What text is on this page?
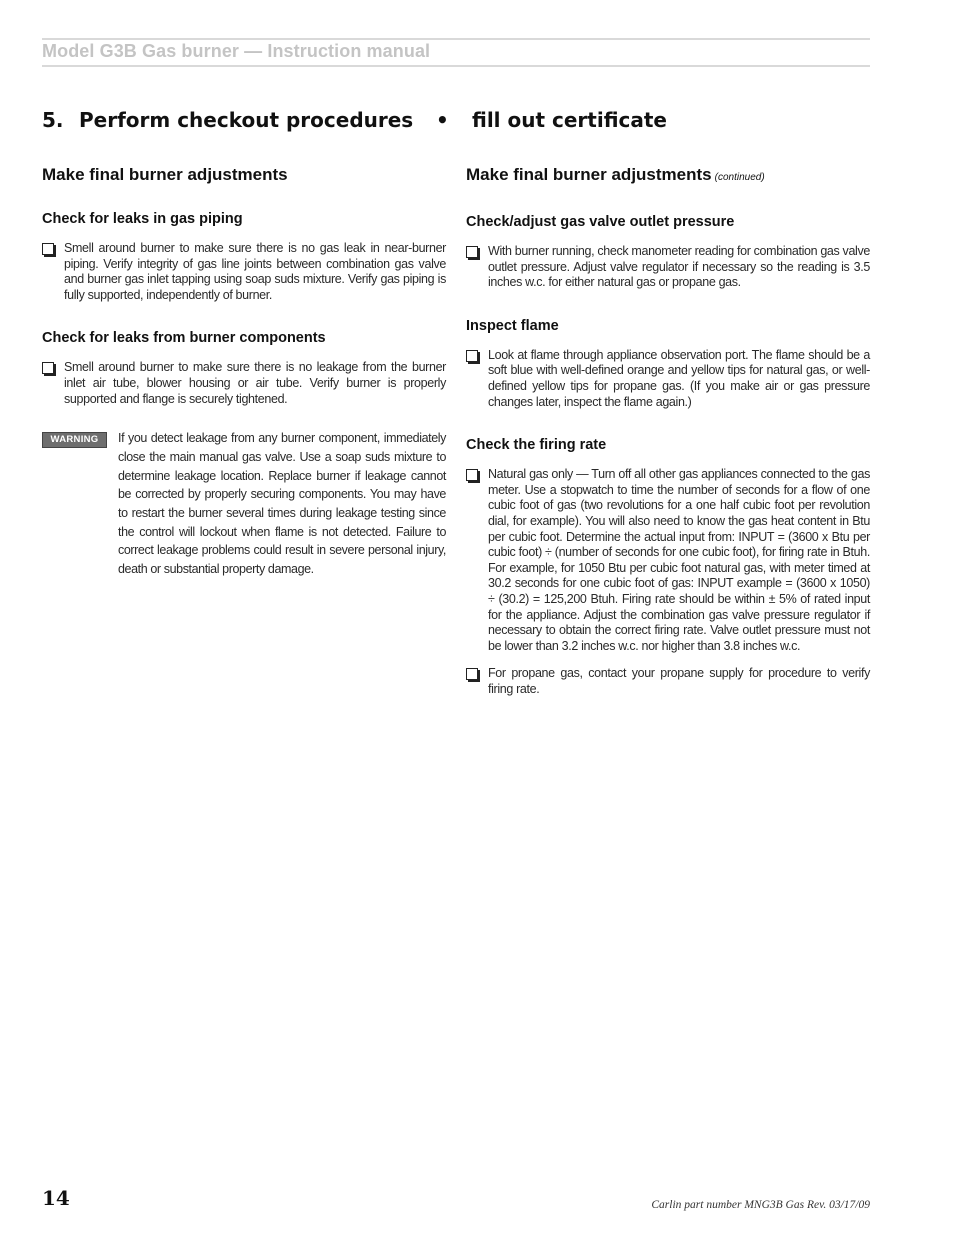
Model G3B Gas burner — Instruction manual
5. Perform checkout procedures • fill out certificate
Make final burner adjustments
Check for leaks in gas piping

Smell around burner to make sure there is no gas leak in near-burner piping. Verify integrity of gas line joints between combination gas valve and burner gas inlet tapping using soap suds mixture. Verify gas piping is fully supported, independently of burner.

Check for leaks from burner components

Smell around burner to make sure there is no leakage from the burner inlet air tube, blower housing or air tube. Verify burner is properly supported and flange is securely tightened.

WARNING	If you detect leakage from any burner component, immediately close the main manual gas valve. Use a soap suds mixture to determine leakage location. Replace burner if leakage cannot be corrected by properly securing components. You may have to restart the burner several times during leakage testing since the control will lockout when flame is not detected. Failure to correct leakage problems could result in severe personal injury, death or substantial property damage.

Make final burner adjustments (continued)
Check/adjust gas valve outlet pressure

With burner running, check manometer reading for combination gas valve outlet pressure. Adjust valve regulator if necessary so the reading is 3.5 inches w.c. for either natural gas or propane gas.

Inspect flame

Look at flame through appliance observation port. The flame should be a soft blue with well-defined orange and yellow tips for natural gas, or well-defined yellow tips for propane gas. (If you make air or gas pressure changes later, inspect the flame again.)

Check the firing rate

Natural gas only — Turn off all other gas appliances connected to the gas meter. Use a stopwatch to time the number of seconds for a flow of one cubic foot of gas (two revolutions for a one half cubic foot per revolution dial, for example). You will also need to know the gas heat content in Btu per cubic foot. Determine the actual input from: INPUT = (3600 x Btu per cubic foot) ÷ (number of seconds for one cubic foot), for firing rate in Btuh. For example, for 1050 Btu per cubic foot natural gas, with meter timed at 30.2 seconds for one cubic foot of gas: INPUT example = (3600 x 1050) ÷ (30.2) = 125,200 Btuh. Firing rate should be within ± 5% of rated input for the appliance. Adjust the combination gas valve pressure regulator if necessary to obtain the correct firing rate. Valve outlet pressure must not be lower than 3.2 inches w.c. nor higher than 3.8 inches w.c.

For propane gas, contact your propane supply for procedure to verify firing rate.

14	Carlin part number MNG3B Gas Rev. 03/17/09
